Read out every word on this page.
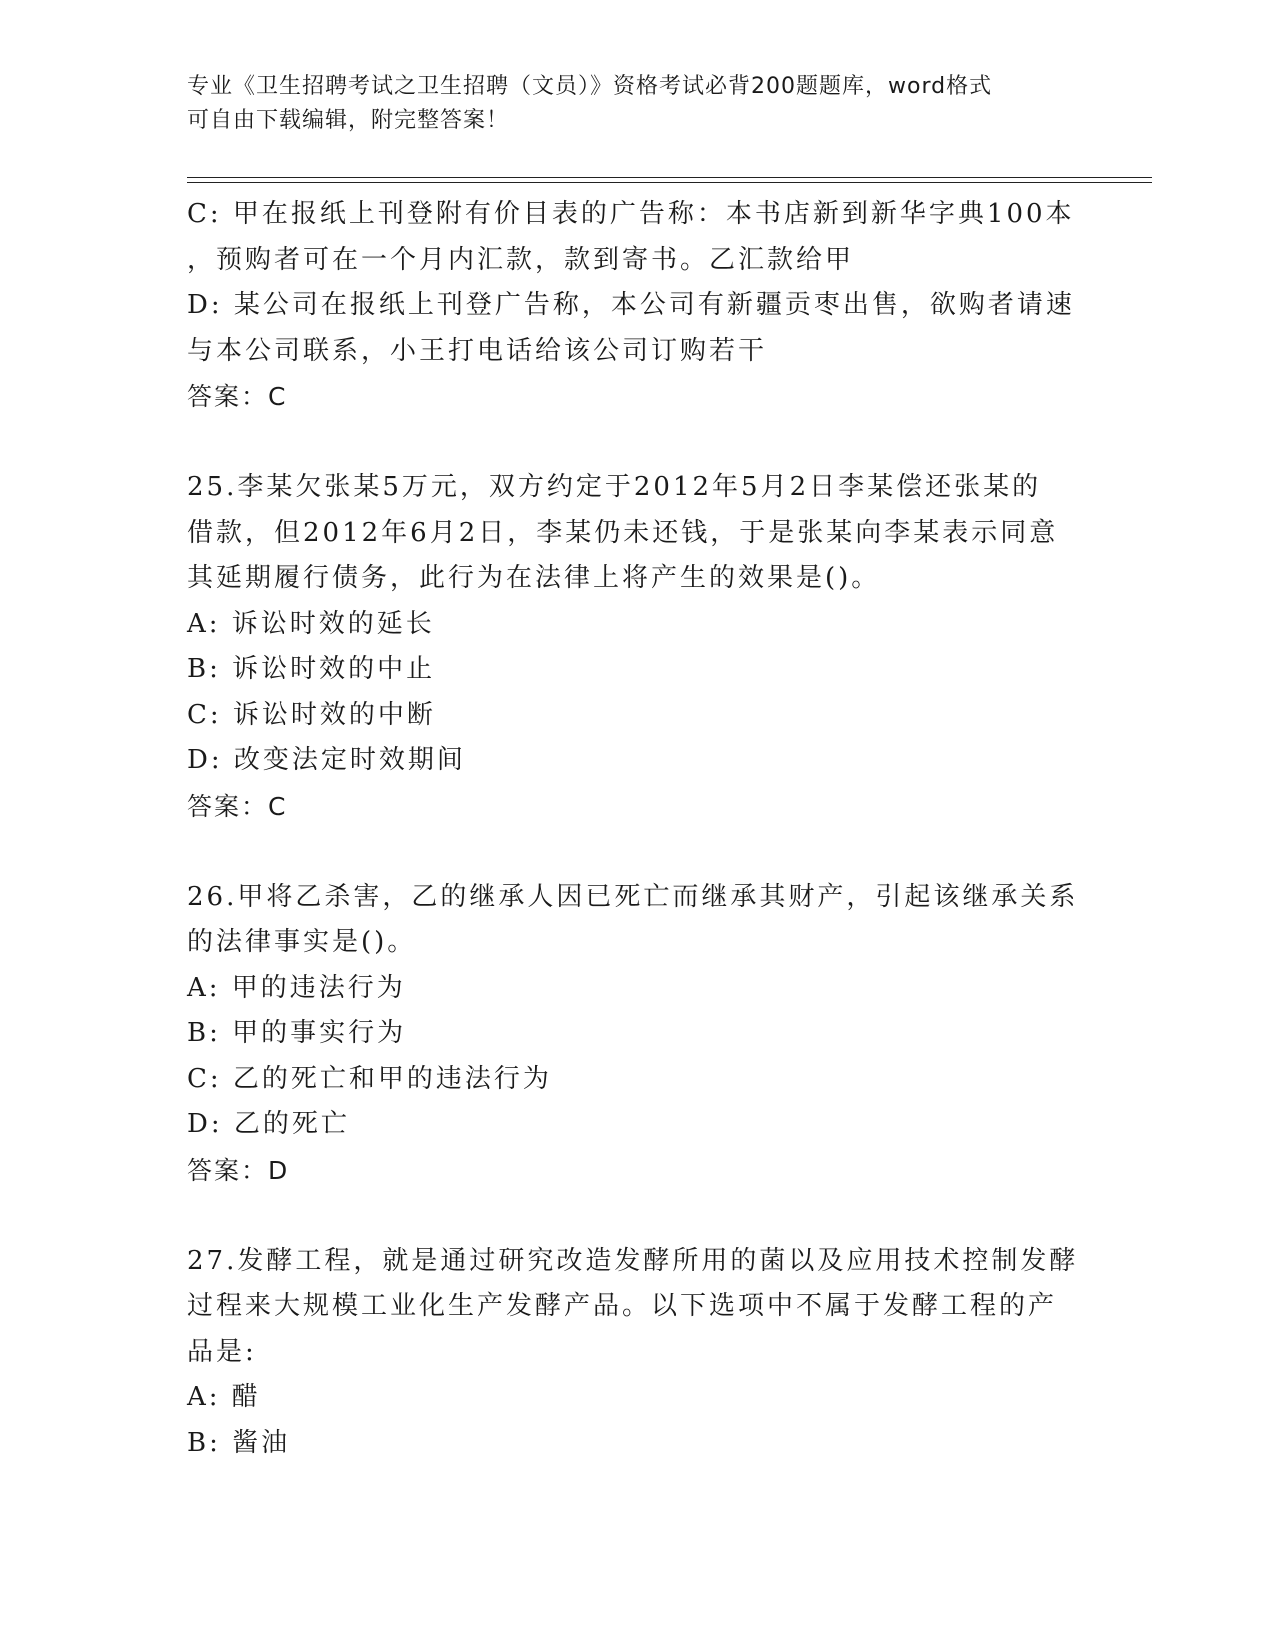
专业《卫生招聘考试之卫生招聘（文员）》资格考试必背200题题库，word格式
可自由下载编辑，附完整答案！
C: 甲在报纸上刊登附有价目表的广告称：本书店新到新华字典100本
，预购者可在一个月内汇款，款到寄书。乙汇款给甲
D: 某公司在报纸上刊登广告称，本公司有新疆贡枣出售，欲购者请速
与本公司联系，小王打电话给该公司订购若干
答案：C
25.李某欠张某5万元，双方约定于2012年5月2日李某偿还张某的
借款，但2012年6月2日，李某仍未还钱，于是张某向李某表示同意
其延期履行债务，此行为在法律上将产生的效果是()。
A: 诉讼时效的延长
B: 诉讼时效的中止
C: 诉讼时效的中断
D: 改变法定时效期间
答案：C
26.甲将乙杀害，乙的继承人因已死亡而继承其财产，引起该继承关系
的法律事实是()。
A: 甲的违法行为
B: 甲的事实行为
C: 乙的死亡和甲的违法行为
D: 乙的死亡
答案：D
27.发酵工程，就是通过研究改造发酵所用的菌以及应用技术控制发酵
过程来大规模工业化生产发酵产品。以下选项中不属于发酵工程的产
品是:
A: 醋
B: 酱油
